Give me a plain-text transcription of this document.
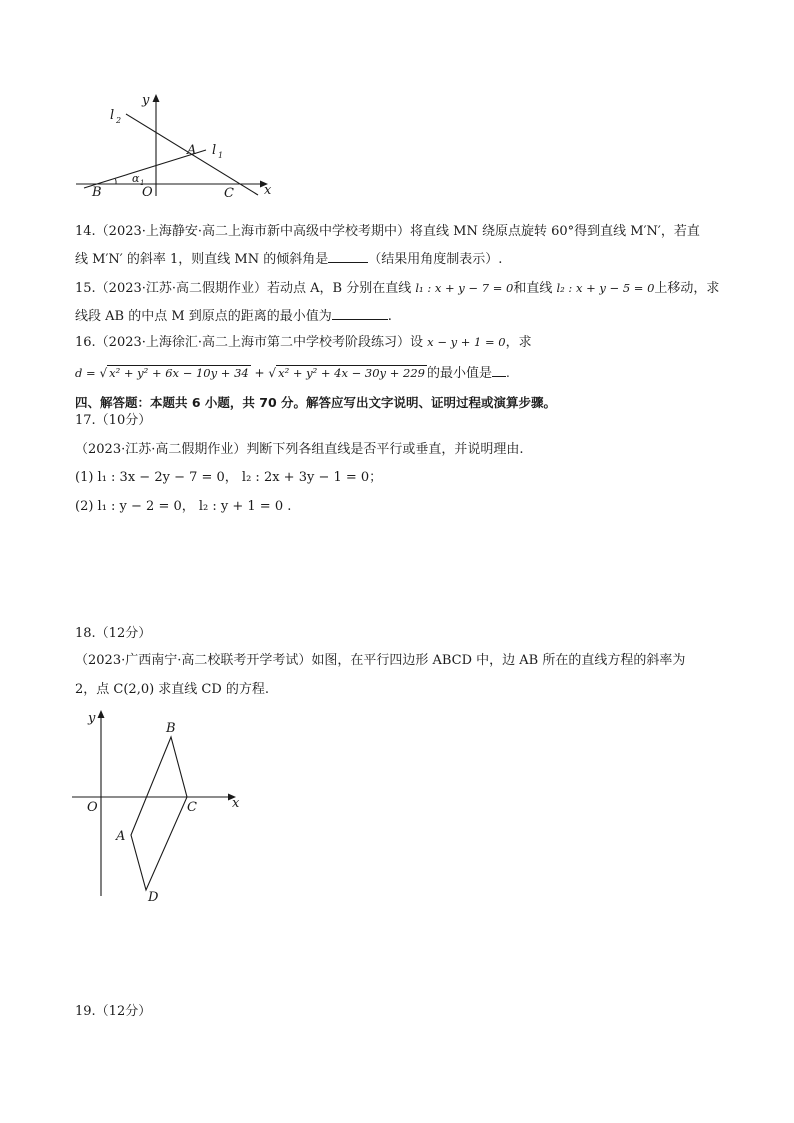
y
l 2
A l 1
B
α 1
O	C x
14.（2023·上海静安·高二上海市新中高级中学校考期中）将直线 MN 绕原点旋转 60°得到直线 M′N′，若直
线 M′N′ 的斜率 1，则直线 MN 的倾斜角是	（结果用角度制表示）.
15.（2023·江苏·高二假期作业）若动点 A，B 分别在直线 l₁ : x + y − 7 = 0和直线 l₂ : x + y − 5 = 0上移动，求
线段 AB 的中点 M 到原点的距离的最小值为	.
16.（2023·上海徐汇·高二上海市第二中学校考阶段练习）设 x − y + 1 = 0，求
d = √ x² + y² + 6x − 10y + 34 + √ x² + y² + 4x − 30y + 229 的最小值是 .
四、解答题：本题共 6 小题，共 70 分。解答应写出文字说明、证明过程或演算步骤。
17.（10分）
（2023·江苏·高二假期作业）判断下列各组直线是否平行或垂直，并说明理由.
(1) l₁ : 3x − 2y − 7 = 0， l₂ : 2x + 3y − 1 = 0；
(2) l₁ : y − 2 = 0， l₂ : y + 1 = 0 .
18.（12分）
（2023·广西南宁·高二校联考开学考试）如图，在平行四边形 ABCD 中，边 AB 所在的直线方程的斜率为
2，点 C(2,0) 求直线 CD 的方程.
y
B
O	C	x
A
D
19.（12分）
